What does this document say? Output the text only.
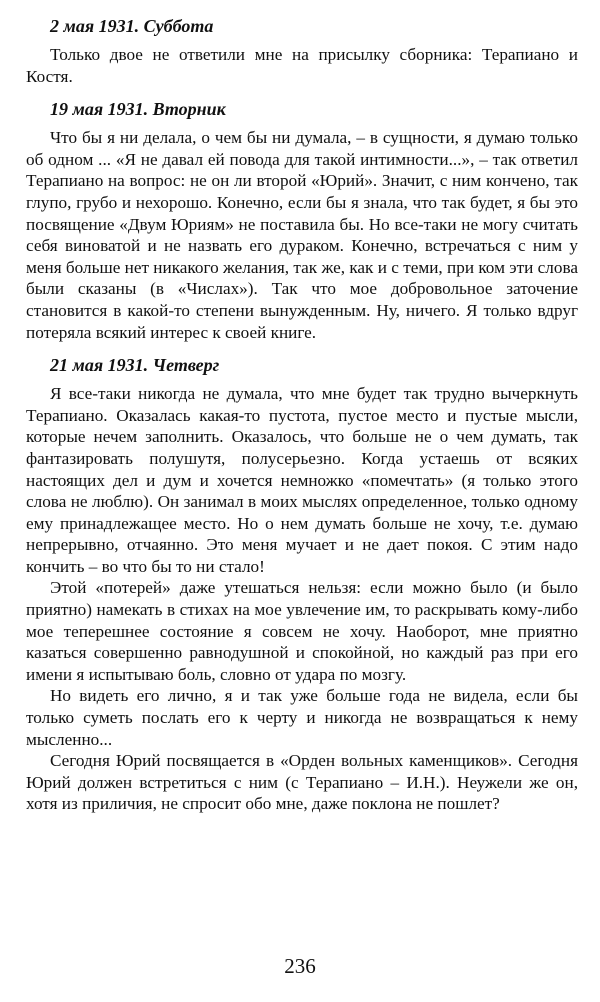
2 мая 1931. Суббота

Только двое не ответили мне на присылку сборника: Терапиано и Костя.

19 мая 1931. Вторник

Что бы я ни делала, о чем бы ни думала, – в сущности, я думаю только об одном ... «Я не давал ей повода для такой интимности...», – так ответил Терапиано на вопрос: не он ли второй «Юрий». Значит, с ним кончено, так глупо, грубо и нехорошо. Конечно, если бы я знала, что так будет, я бы это посвящение «Двум Юриям» не поставила бы. Но все-таки не могу считать себя виноватой и не назвать его дураком. Конечно, встречаться с ним у меня больше нет никакого желания, так же, как и с теми, при ком эти слова были сказаны (в «Числах»). Так что мое добровольное заточение становится в какой-то степени вынужденным. Ну, ничего. Я только вдруг потеряла всякий интерес к своей книге.

21 мая 1931. Четверг

Я все-таки никогда не думала, что мне будет так трудно вычеркнуть Терапиано. Оказалась какая-то пустота, пустое место и пустые мысли, которые нечем заполнить. Оказалось, что больше не о чем думать, так фантазировать полушутя, полусерьезно. Когда устаешь от всяких настоящих дел и дум и хочется немножко «помечтать» (я только этого слова не люблю). Он занимал в моих мыслях определенное, только одному ему принадлежащее место. Но о нем думать больше не хочу, т.е. думаю непрерывно, отчаянно. Это меня мучает и не дает покоя. С этим надо кончить – во что бы то ни стало!

Этой «потерей» даже утешаться нельзя: если можно было (и было приятно) намекать в стихах на мое увлечение им, то раскрывать кому-либо мое теперешнее состояние я совсем не хочу. Наоборот, мне приятно казаться совершенно равнодушной и спокойной, но каждый раз при его имени я испытываю боль, словно от удара по мозгу.

Но видеть его лично, я и так уже больше года не видела, если бы только суметь послать его к черту и никогда не возвращаться к нему мысленно...

Сегодня Юрий посвящается в «Орден вольных каменщиков». Сегодня Юрий должен встретиться с ним (с Терапиано – И.Н.). Неужели же он, хотя из приличия, не спросит обо мне, даже поклона не пошлет?

236
